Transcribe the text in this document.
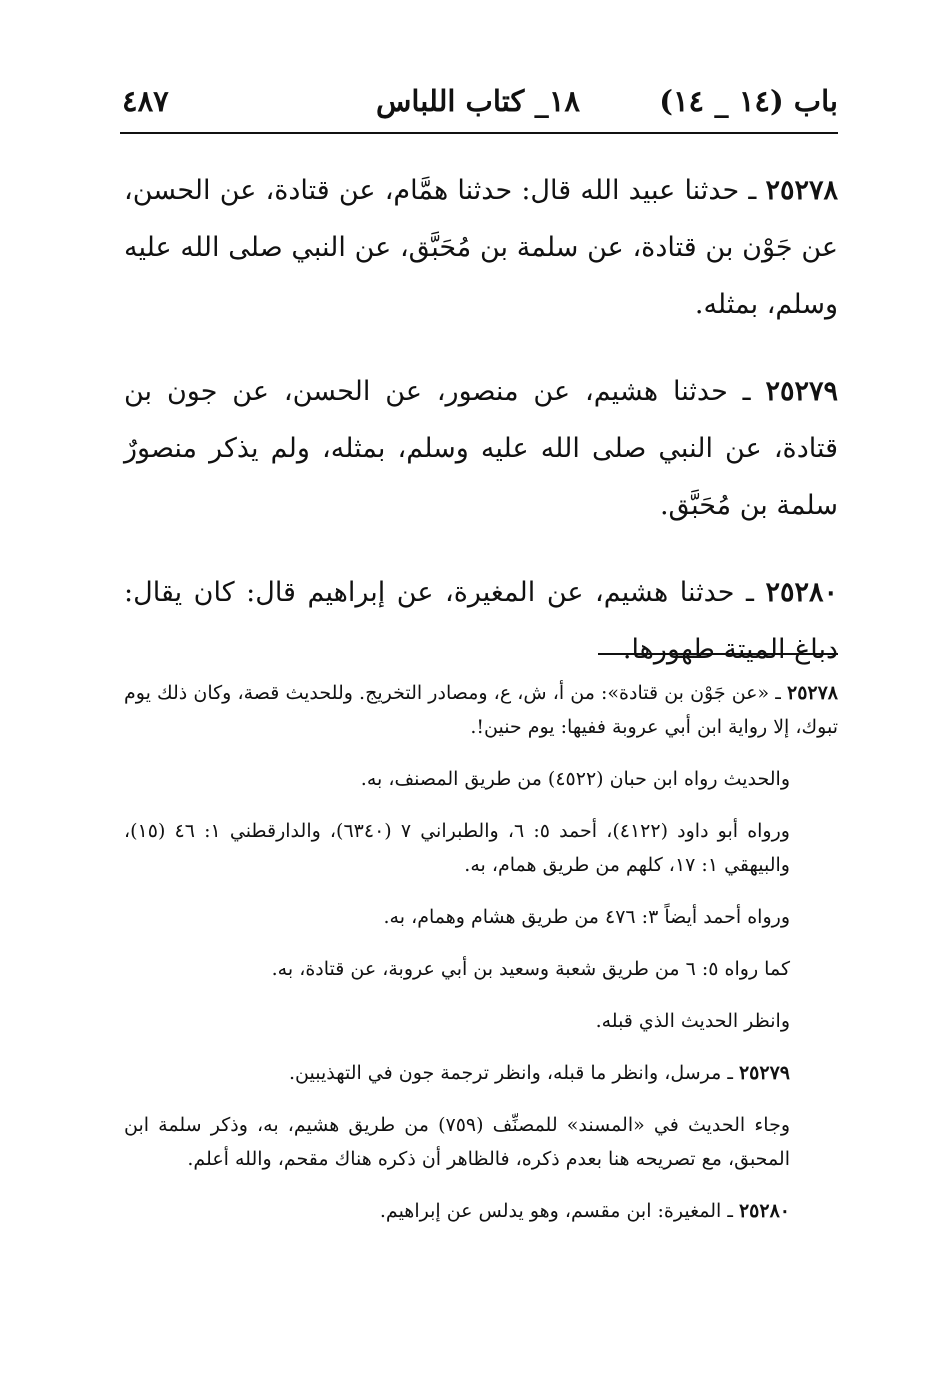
باب (١٤ _ ١٤)
١٨_ كتاب اللباس
٤٨٧

٢٥٢٧٨ ـ حدثنا عبيد الله قال: حدثنا همَّام، عن قتادة، عن الحسن، عن جَوْن بن قتادة، عن سلمة بن مُحَبَّق، عن النبي صلى الله عليه وسلم، بمثله.

٢٥٢٧٩ ـ حدثنا هشيم، عن منصور، عن الحسن، عن جون بن قتادة، عن النبي صلى الله عليه وسلم، بمثله، ولم يذكر منصورٌ سلمة بن مُحَبَّق.

٢٥٢٨٠ ـ حدثنا هشيم، عن المغيرة، عن إبراهيم قال: كان يقال: دباغ الميتة طهورها.

٢٥٢٧٨ ـ «عن جَوْن بن قتادة»: من أ، ش، ع، ومصادر التخريج. وللحديث قصة، وكان ذلك يوم تبوك، إلا رواية ابن أبي عروبة ففيها: يوم حنين!.

والحديث رواه ابن حبان (٤٥٢٢) من طريق المصنف، به.

ورواه أبو داود (٤١٢٢)، أحمد ٥: ٦، والطبراني ٧ (٦٣٤٠)، والدارقطني ١: ٤٦ (١٥)، والبيهقي ١: ١٧، كلهم من طريق همام، به.

ورواه أحمد أيضاً ٣: ٤٧٦ من طريق هشام وهمام، به.

كما رواه ٥: ٦ من طريق شعبة وسعيد بن أبي عروبة، عن قتادة، به.

وانظر الحديث الذي قبله.

٢٥٢٧٩ ـ مرسل، وانظر ما قبله، وانظر ترجمة جون في التهذيبين.

وجاء الحديث في «المسند» للمصنِّف (٧٥٩) من طريق هشيم، به، وذكر سلمة ابن المحبق، مع تصريحه هنا بعدم ذكره، فالظاهر أن ذكره هناك مقحم، والله أعلم.

٢٥٢٨٠ ـ المغيرة: ابن مقسم، وهو يدلس عن إبراهيم.
